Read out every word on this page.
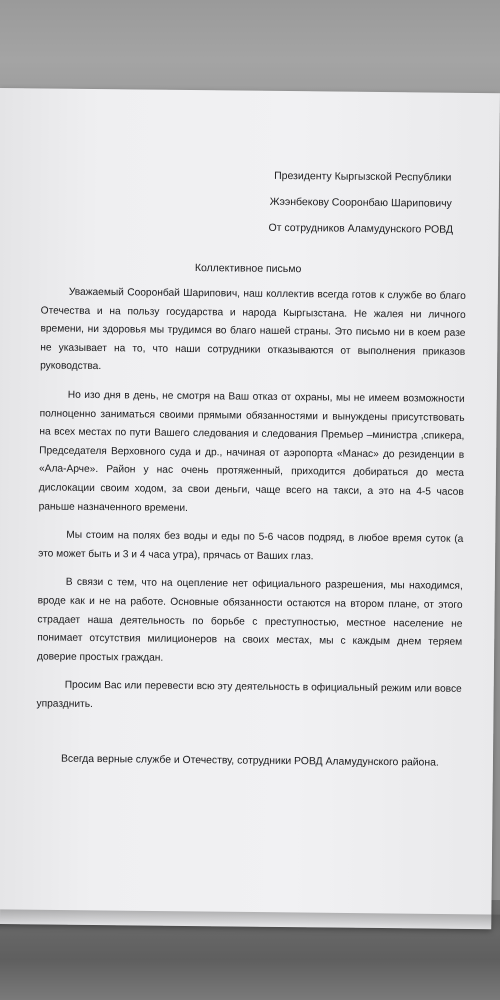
Президенту Кыргызской Республики
Жээнбекову Сооронбаю Шариповичу
От сотрудников Аламудунского РОВД
Коллективное письмо

Уважаемый Сооронбай Шарипович, наш коллектив всегда готов к службе во благо Отечества и на пользу государства и народа Кыргызстана. Не жалея ни личного времени, ни здоровья мы трудимся во благо нашей страны. Это письмо ни в коем разе не указывает на то, что наши сотрудники отказываются от выполнения приказов руководства.

Но изо дня в день, не смотря на Ваш отказ от охраны, мы не имеем возможности полноценно заниматься своими прямыми обязанностями и вынуждены присутствовать на всех местах по пути Вашего следования и следования Премьер –министра ,спикера, Председателя Верховного суда и др., начиная от аэропорта «Манас» до резиденции в «Ала-Арче». Район у нас очень протяженный, приходится добираться до места дислокации своим ходом, за свои деньги, чаще всего на такси, а это на 4-5 часов раньше назначенного времени.

Мы стоим на полях без воды и еды по 5-6 часов подряд, в любое время суток (а это может быть и 3 и 4 часа утра), прячась от Ваших глаз.

В связи с тем, что на оцепление нет официального разрешения, мы находимся, вроде как и не на работе. Основные обязанности остаются на втором плане, от этого страдает наша деятельность по борьбе с преступностью, местное население не понимает отсутствия милиционеров на своих местах, мы с каждым днем теряем доверие простых граждан.

Просим Вас или перевести всю эту деятельность в официальный режим или вовсе упразднить.

Всегда верные службе и Отечеству, сотрудники РОВД Аламудунского района.
